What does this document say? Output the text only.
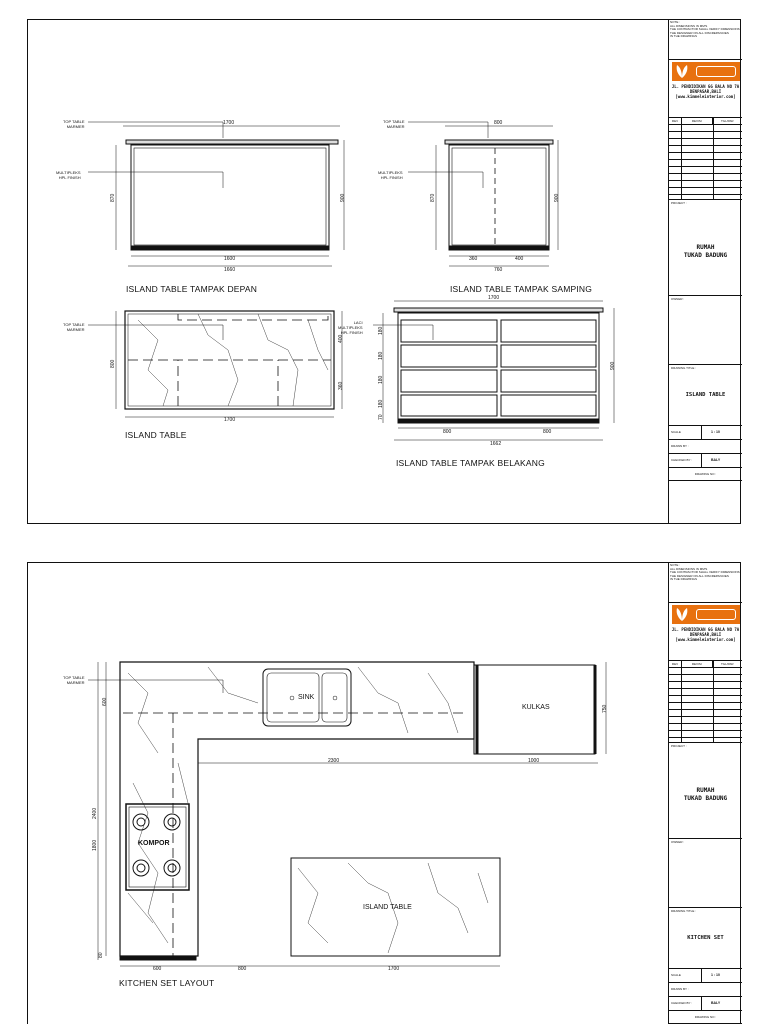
TOP TABLE
MARMER
MULTIPLEKS
HPL FINISH
TOP TABLE
MARMER
MULTIPLEKS
HPL FINISH
TOP TABLE
MARMER
LACI
MULTIPLEKS
HPL FINISH
1700
1600
1660
870	900
800
360	400
760
870	900
ISLAND TABLE TAMPAK DEPAN	ISLAND TABLE TAMPAK SAMPING
1700
800
400
360
ISLAND TABLE
1700
800	800
1662
900
180
180
180
180
70
ISLAND TABLE TAMPAK BELAKANG
NOTE :
ALL DIMENSIONS IN MM'S
THE CONTRACTOR SHALL VERIFY DIMENSIONS
THE DESIGNER ON ALL DISCREPANCIES
IN THE DRAWINGS
JL. PENDIDIKAN GG BALA NO 7A
DENPASAR,BALI
[www.kimmeleinterior.com]
REV	REVISI	TGL/PAR
PROJECT :
RUMAH
TUKAD BADUNG
OWNER :
DRAWING TITLE :
ISLAND TABLE
SCALE	1 : 10
DRAWN BY :
CHECKED BY :	BALY
DRAWING NO :
TOP TABLE
MARMER
SINK
KULKAS
KOMPOR
ISLAND TABLE
600
2400
1800
80
2300	1000
750
600	800	1700
KITCHEN SET LAYOUT
NOTE :
ALL DIMENSIONS IN MM'S
THE CONTRACTOR SHALL VERIFY DIMENSIONS
THE DESIGNER ON ALL DISCREPANCIES
IN THE DRAWINGS
JL. PENDIDIKAN GG BALA NO 7A
DENPASAR,BALI
[www.kimmeleinterior.com]
REV	REVISI	TGL/PAR
PROJECT :
RUMAH
TUKAD BADUNG
OWNER :
DRAWING TITLE :
KITCHEN SET
SCALE	1 : 10
DRAWN BY :
CHECKED BY :	BALY
DRAWING NO :
